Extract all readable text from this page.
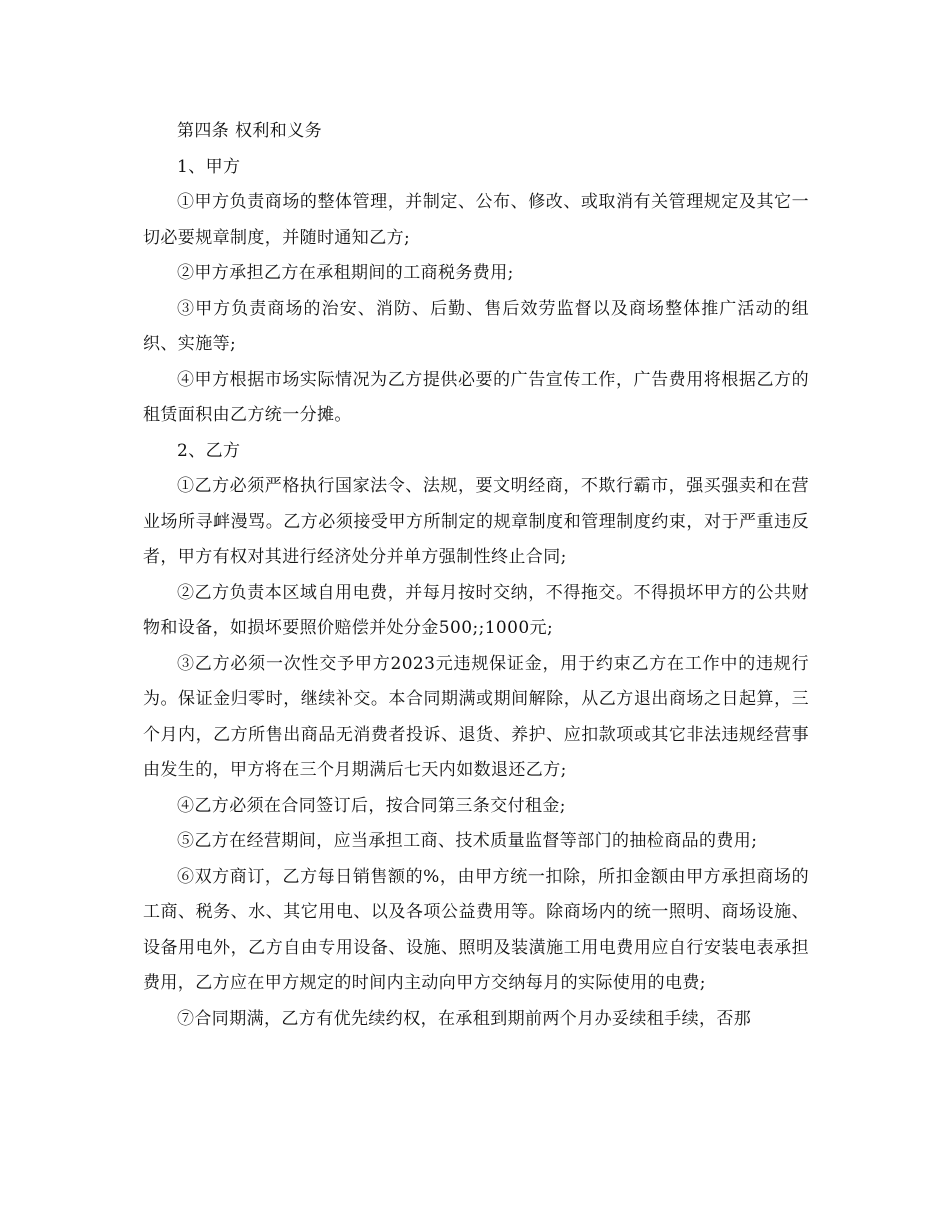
第四条 权利和义务

1、甲方

①甲方负责商场的整体管理，并制定、公布、修改、或取消有关管理规定及其它一切必要规章制度，并随时通知乙方;

②甲方承担乙方在承租期间的工商税务费用;

③甲方负责商场的治安、消防、后勤、售后效劳监督以及商场整体推广活动的组织、实施等;

④甲方根据市场实际情况为乙方提供必要的广告宣传工作，广告费用将根据乙方的租赁面积由乙方统一分摊。

2、乙方

①乙方必须严格执行国家法令、法规，要文明经商，不欺行霸市，强买强卖和在营业场所寻衅漫骂。乙方必须接受甲方所制定的规章制度和管理制度约束，对于严重违反者，甲方有权对其进行经济处分并单方强制性终止合同;

②乙方负责本区域自用电费，并每月按时交纳，不得拖交。不得损坏甲方的公共财物和设备，如损坏要照价赔偿并处分金500;;1000元;

③乙方必须一次性交予甲方2023元违规保证金，用于约束乙方在工作中的违规行为。保证金归零时，继续补交。本合同期满或期间解除，从乙方退出商场之日起算，三个月内，乙方所售出商品无消费者投诉、退货、养护、应扣款项或其它非法违规经营事由发生的，甲方将在三个月期满后七天内如数退还乙方;

④乙方必须在合同签订后，按合同第三条交付租金;

⑤乙方在经营期间，应当承担工商、技术质量监督等部门的抽检商品的费用;

⑥双方商订，乙方每日销售额的%，由甲方统一扣除，所扣金额由甲方承担商场的工商、税务、水、其它用电、以及各项公益费用等。除商场内的统一照明、商场设施、设备用电外，乙方自由专用设备、设施、照明及装潢施工用电费用应自行安装电表承担费用，乙方应在甲方规定的时间内主动向甲方交纳每月的实际使用的电费;

⑦合同期满，乙方有优先续约权，在承租到期前两个月办妥续租手续，否那
